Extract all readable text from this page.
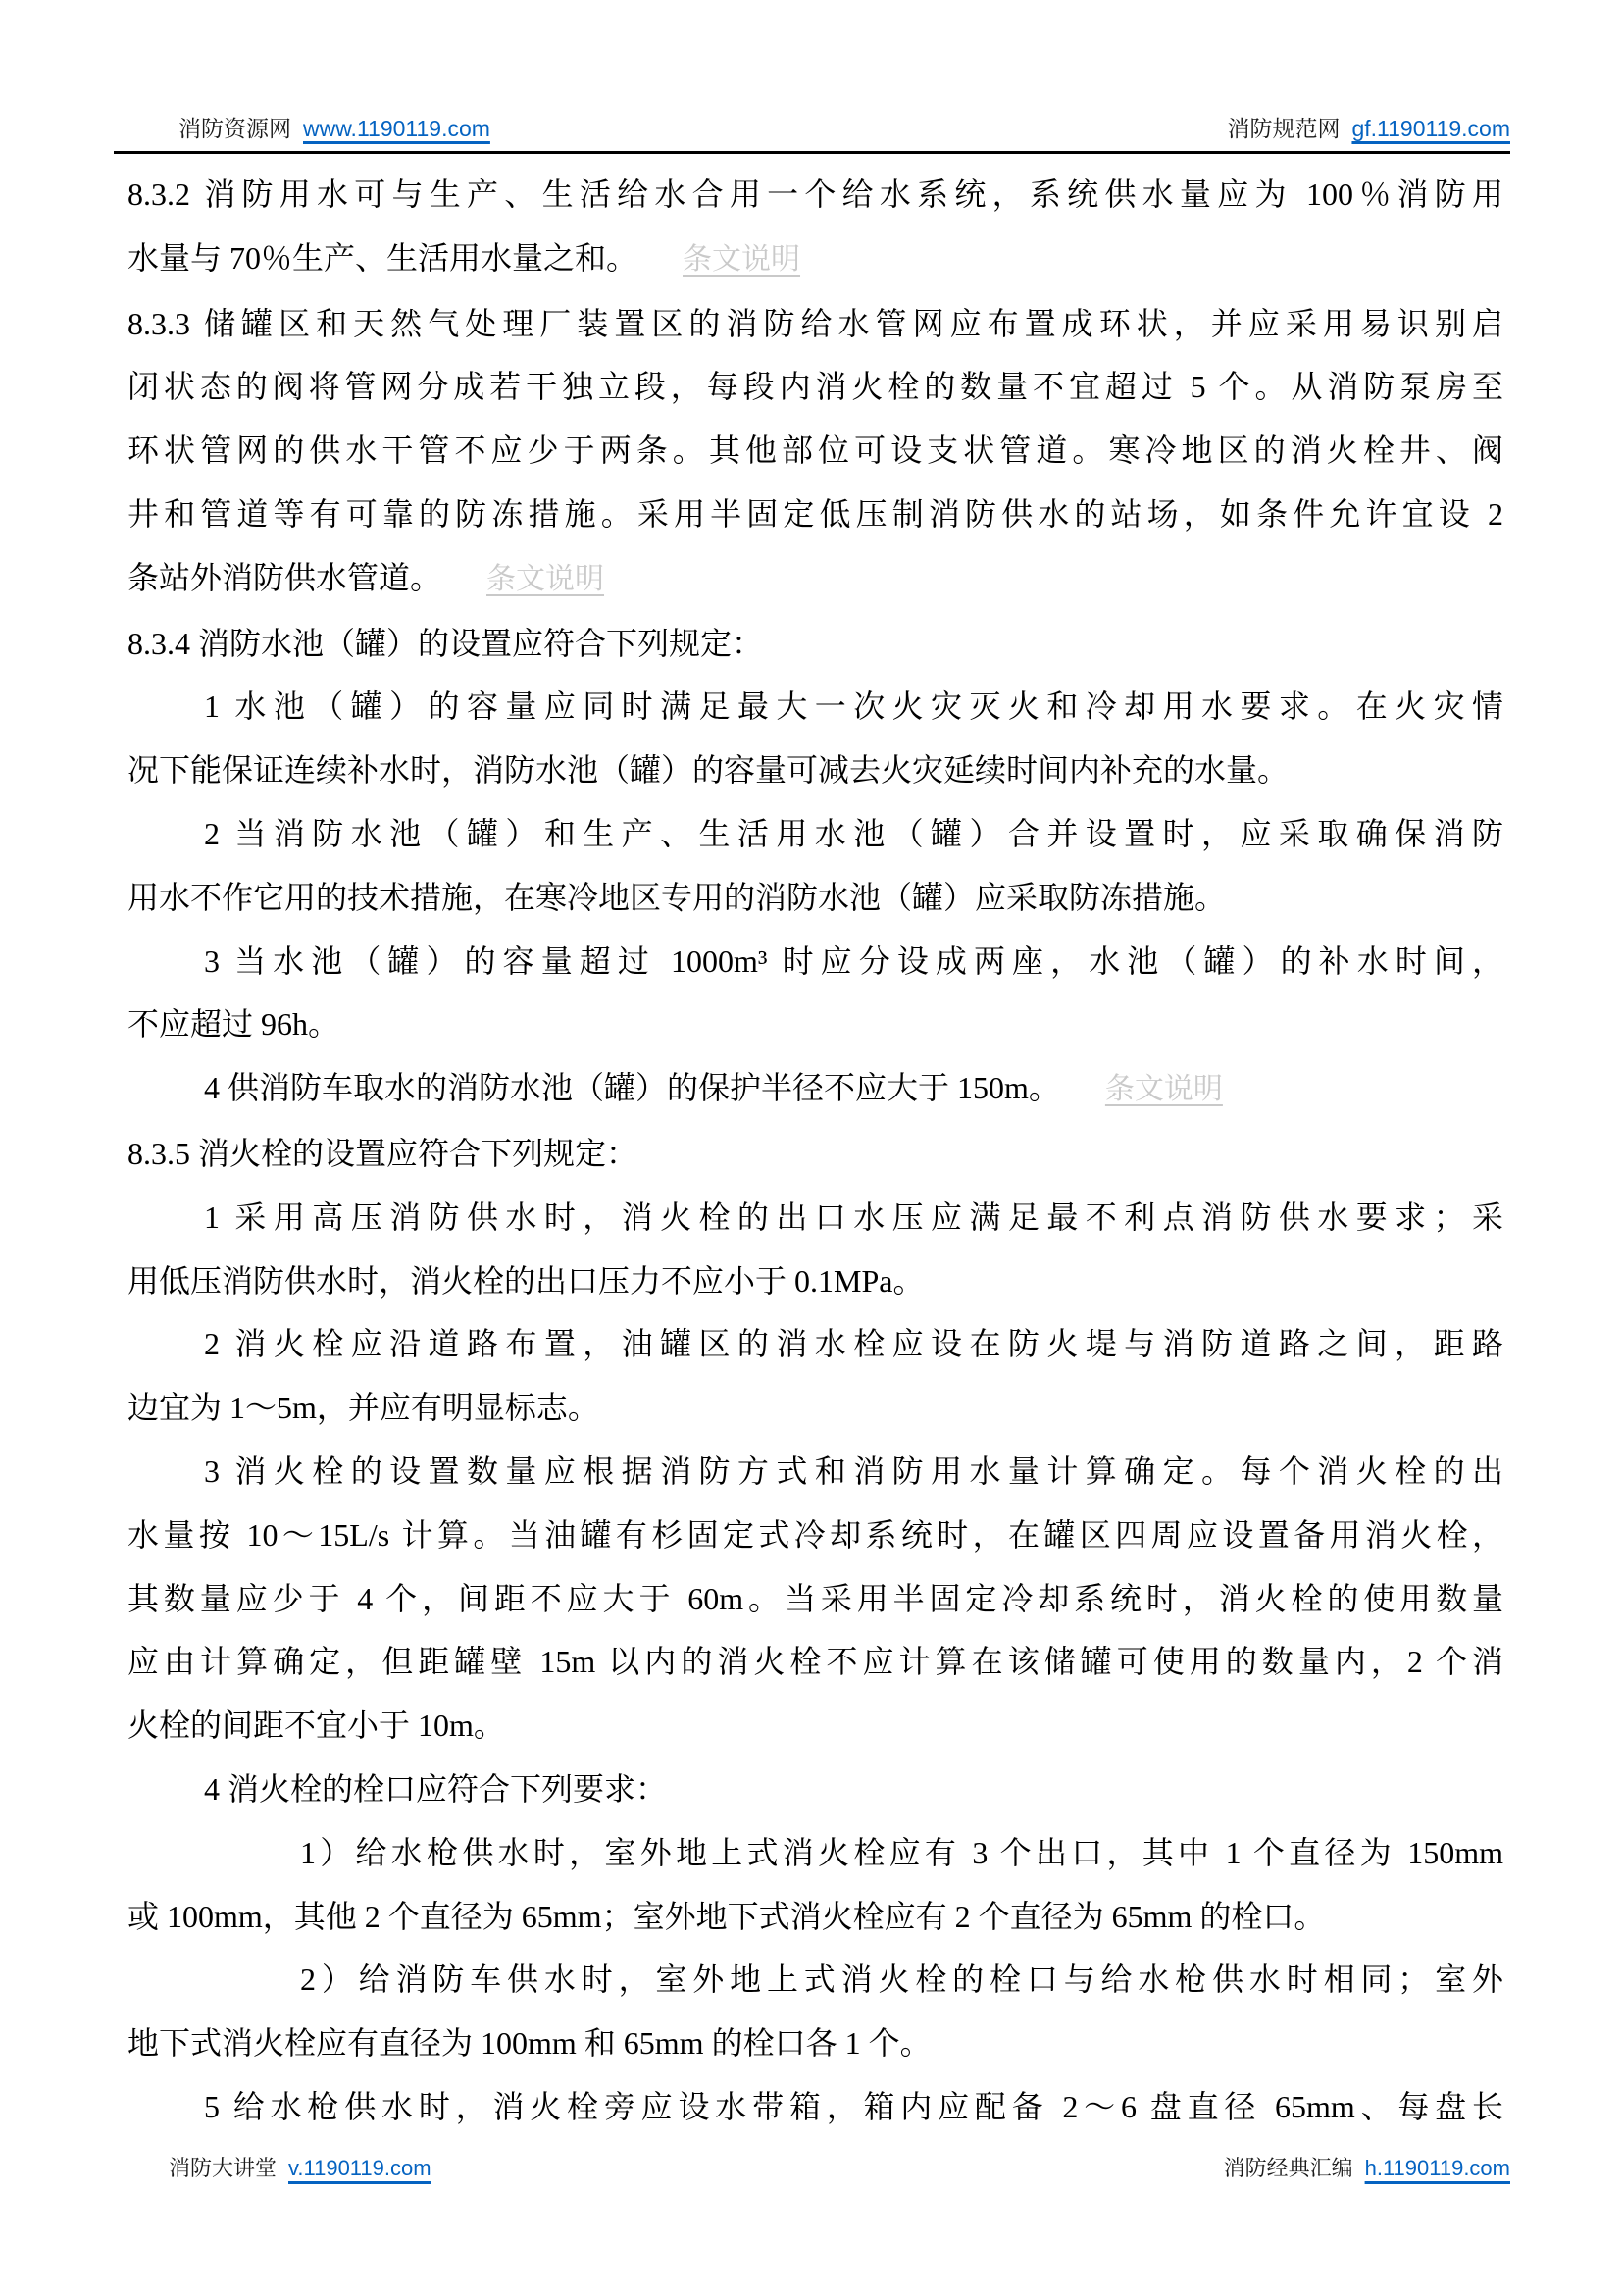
消防资源网 www.1190119.com	消防规范网 gf.1190119.com
8.3.2 消防用水可与生产、生活给水合用一个给水系统，系统供水量应为 100％消防用
水量与 70％生产、生活用水量之和。 条文说明
8.3.3 储罐区和天然气处理厂装置区的消防给水管网应布置成环状，并应采用易识别启
闭状态的阀将管网分成若干独立段，每段内消火栓的数量不宜超过 5 个。从消防泵房至
环状管网的供水干管不应少于两条。其他部位可设支状管道。寒冷地区的消火栓井、阀
井和管道等有可靠的防冻措施。采用半固定低压制消防供水的站场，如条件允许宜设 2
条站外消防供水管道。 条文说明
8.3.4 消防水池（罐）的设置应符合下列规定：
1 水池（罐）的容量应同时满足最大一次火灾灭火和冷却用水要求。在火灾情
况下能保证连续补水时，消防水池（罐）的容量可减去火灾延续时间内补充的水量。
2 当消防水池（罐）和生产、生活用水池（罐）合并设置时，应采取确保消防
用水不作它用的技术措施，在寒冷地区专用的消防水池（罐）应采取防冻措施。
3 当水池（罐）的容量超过 1000m³ 时应分设成两座，水池（罐）的补水时间，
不应超过 96h。
4 供消防车取水的消防水池（罐）的保护半径不应大于 150m。 条文说明
8.3.5 消火栓的设置应符合下列规定：
1 采用高压消防供水时，消火栓的出口水压应满足最不利点消防供水要求；采
用低压消防供水时，消火栓的出口压力不应小于 0.1MPa。
2 消火栓应沿道路布置，油罐区的消水栓应设在防火堤与消防道路之间，距路
边宜为 1～5m，并应有明显标志。
3 消火栓的设置数量应根据消防方式和消防用水量计算确定。每个消火栓的出
水量按 10～15L/s 计算。当油罐有杉固定式冷却系统时，在罐区四周应设置备用消火栓，
其数量应少于 4 个，间距不应大于 60m。当采用半固定冷却系统时，消火栓的使用数量
应由计算确定，但距罐壁 15m 以内的消火栓不应计算在该储罐可使用的数量内，2 个消
火栓的间距不宜小于 10m。
4 消火栓的栓口应符合下列要求：
1）给水枪供水时，室外地上式消火栓应有 3 个出口，其中 1 个直径为 150mm
或 100mm，其他 2 个直径为 65mm；室外地下式消火栓应有 2 个直径为 65mm 的栓口。
2）给消防车供水时，室外地上式消火栓的栓口与给水枪供水时相同；室外
地下式消火栓应有直径为 100mm 和 65mm 的栓口各 1 个。
5 给水枪供水时，消火栓旁应设水带箱，箱内应配备 2～6 盘直径 65mm、每盘长
消防大讲堂 v.1190119.com	消防经典汇编 h.1190119.com
